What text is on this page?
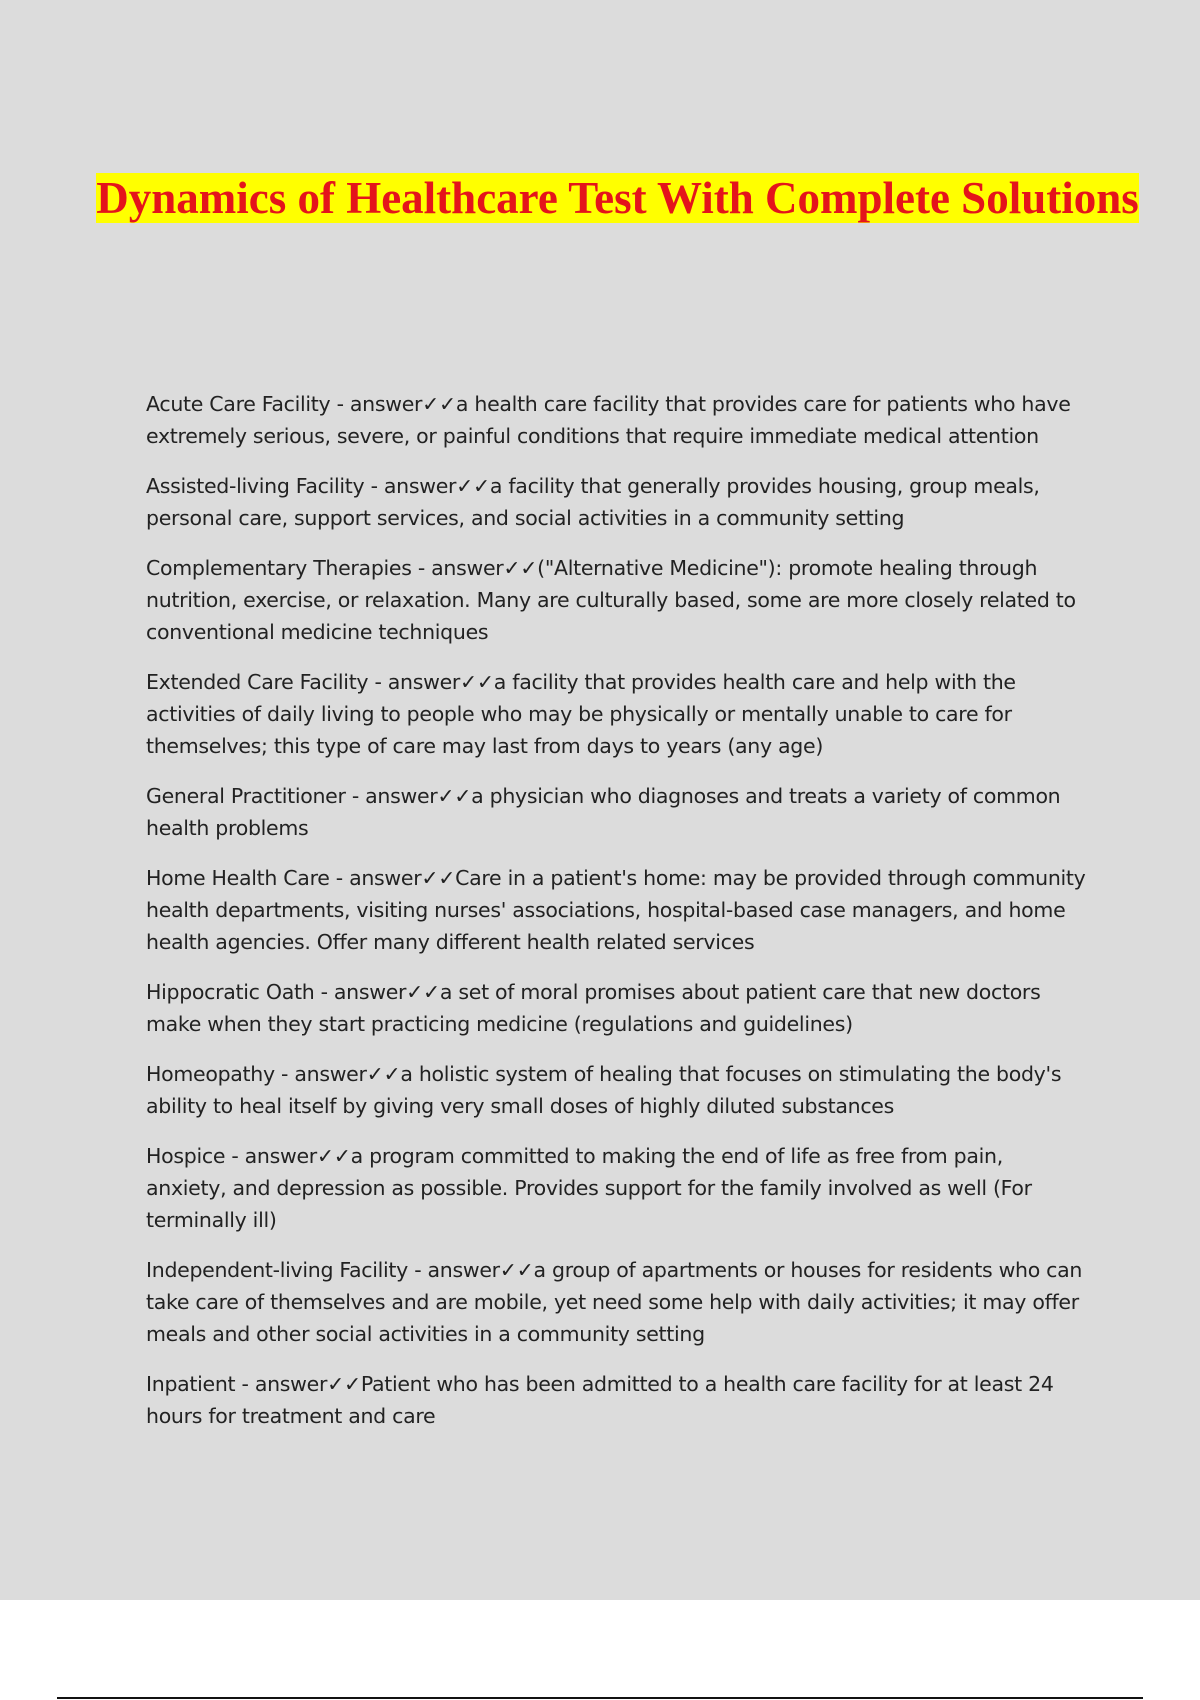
Dynamics of Healthcare Test With Complete Solutions

Acute Care Facility - answer✓✓a health care facility that provides care for patients who have extremely serious, severe, or painful conditions that require immediate medical attention

Assisted-living Facility - answer✓✓a facility that generally provides housing, group meals, personal care, support services, and social activities in a community setting

Complementary Therapies - answer✓✓("Alternative Medicine"): promote healing through nutrition, exercise, or relaxation. Many are culturally based, some are more closely related to conventional medicine techniques

Extended Care Facility - answer✓✓a facility that provides health care and help with the activities of daily living to people who may be physically or mentally unable to care for themselves; this type of care may last from days to years (any age)

General Practitioner - answer✓✓a physician who diagnoses and treats a variety of common health problems

Home Health Care - answer✓✓Care in a patient's home: may be provided through community health departments, visiting nurses' associations, hospital-based case managers, and home health agencies. Offer many different health related services

Hippocratic Oath - answer✓✓a set of moral promises about patient care that new doctors make when they start practicing medicine (regulations and guidelines)

Homeopathy - answer✓✓a holistic system of healing that focuses on stimulating the body's ability to heal itself by giving very small doses of highly diluted substances

Hospice - answer✓✓a program committed to making the end of life as free from pain, anxiety, and depression as possible. Provides support for the family involved as well (For terminally ill)

Independent-living Facility - answer✓✓a group of apartments or houses for residents who can take care of themselves and are mobile, yet need some help with daily activities; it may offer meals and other social activities in a community setting

Inpatient - answer✓✓Patient who has been admitted to a health care facility for at least 24 hours for treatment and care
